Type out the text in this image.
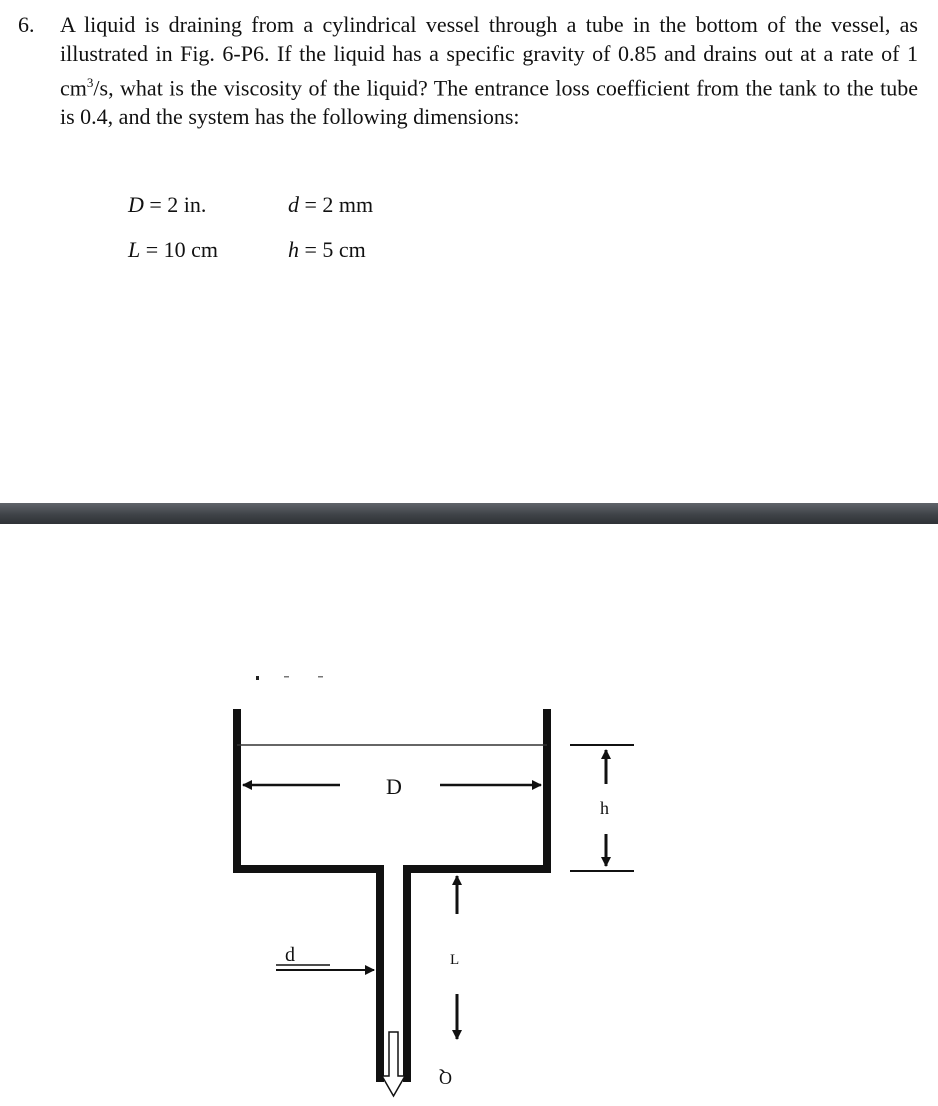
6.	A liquid is draining from a cylindrical vessel through a tube in the bottom of the vessel, as illustrated in Fig. 6-P6. If the liquid has a specific gravity of 0.85 and drains out at a rate of 1 $cm^3/s$, what is the viscosity of the liquid? The entrance loss coefficient from the tank to the tube is 0.4, and the system has the following dimensions:
D = 2 in.	d = 2 mm
L = 10 cm	h = 5 cm
D
h
L
d
Q
